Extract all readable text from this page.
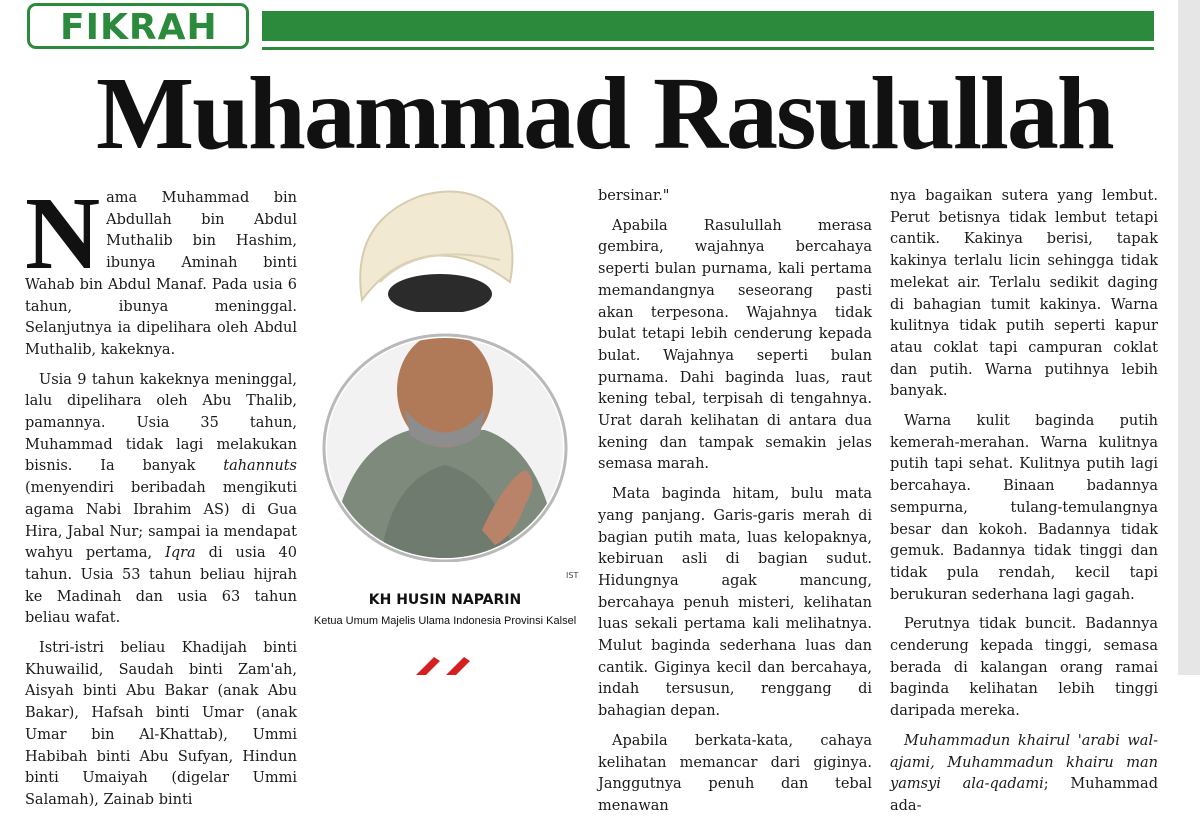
FIKRAH
Muhammad Rasulullah

Nama Muhammad bin Abdullah bin Abdul Muthalib bin Hashim, ibunya Aminah binti Wahab bin Abdul Manaf. Pada usia 6 tahun, ibunya meninggal. Selanjutnya ia dipelihara oleh Abdul Muthalib, kakeknya.

Usia 9 tahun kakeknya meninggal, lalu dipelihara oleh Abu Thalib, pamannya. Usia 35 tahun, Muhammad tidak lagi melakukan bisnis. Ia banyak tahannuts (menyendiri beribadah mengikuti agama Nabi Ibrahim AS) di Gua Hira, Jabal Nur; sampai ia mendapat wahyu pertama, Iqra di usia 40 tahun. Usia 53 tahun beliau hijrah ke Madinah dan usia 63 tahun beliau wafat.

Istri-istri beliau Khadijah binti Khuwailid, Saudah binti Zam'ah, Aisyah binti Abu Bakar (anak Abu Bakar), Hafsah binti Umar (anak Umar bin Al-Khattab), Ummi Habibah binti Abu Sufyan, Hindun binti Umaiyah (digelar Ummi Salamah), Zainab binti

IST
KH HUSIN NAPARIN
Ketua Umum Majelis Ulama Indonesia Provinsi Kalsel

bersinar."

Apabila Rasulullah merasa gembira, wajahnya bercahaya seperti bulan purnama, kali pertama memandangnya seseorang pasti akan terpesona. Wajahnya tidak bulat tetapi lebih cenderung kepada bulat. Wajahnya seperti bulan purnama. Dahi baginda luas, raut kening tebal, terpisah di tengahnya. Urat darah kelihatan di antara dua kening dan tampak semakin jelas semasa marah.

Mata baginda hitam, bulu mata yang panjang. Garis-garis merah di bagian putih mata, luas kelopaknya, kebiruan asli di bagian sudut. Hidungnya agak mancung, bercahaya penuh misteri, kelihatan luas sekali pertama kali melihatnya. Mulut baginda sederhana luas dan cantik. Giginya kecil dan bercahaya, indah tersusun, renggang di bahagian depan.

Apabila berkata-kata, cahaya kelihatan memancar dari giginya. Janggutnya penuh dan tebal menawan

nya bagaikan sutera yang lembut. Perut betisnya tidak lembut tetapi cantik. Kakinya berisi, tapak kakinya terlalu licin sehingga tidak melekat air. Terlalu sedikit daging di bahagian tumit kakinya. Warna kulitnya tidak putih seperti kapur atau coklat tapi campuran coklat dan putih. Warna putihnya lebih banyak.

Warna kulit baginda putih kemerah-merahan. Warna kulitnya putih tapi sehat. Kulitnya putih lagi bercahaya. Binaan badannya sempurna, tulang-temulangnya besar dan kokoh. Badannya tidak gemuk. Badannya tidak tinggi dan tidak pula rendah, kecil tapi berukuran sederhana lagi gagah.

Perutnya tidak buncit. Badannya cenderung kepada tinggi, semasa berada di kalangan orang ramai baginda kelihatan lebih tinggi daripada mereka.

Muhammadun khairul 'arabi wal-ajami, Muhammadun khairu man yamsyi ala-qadami; Muhammad ada-
